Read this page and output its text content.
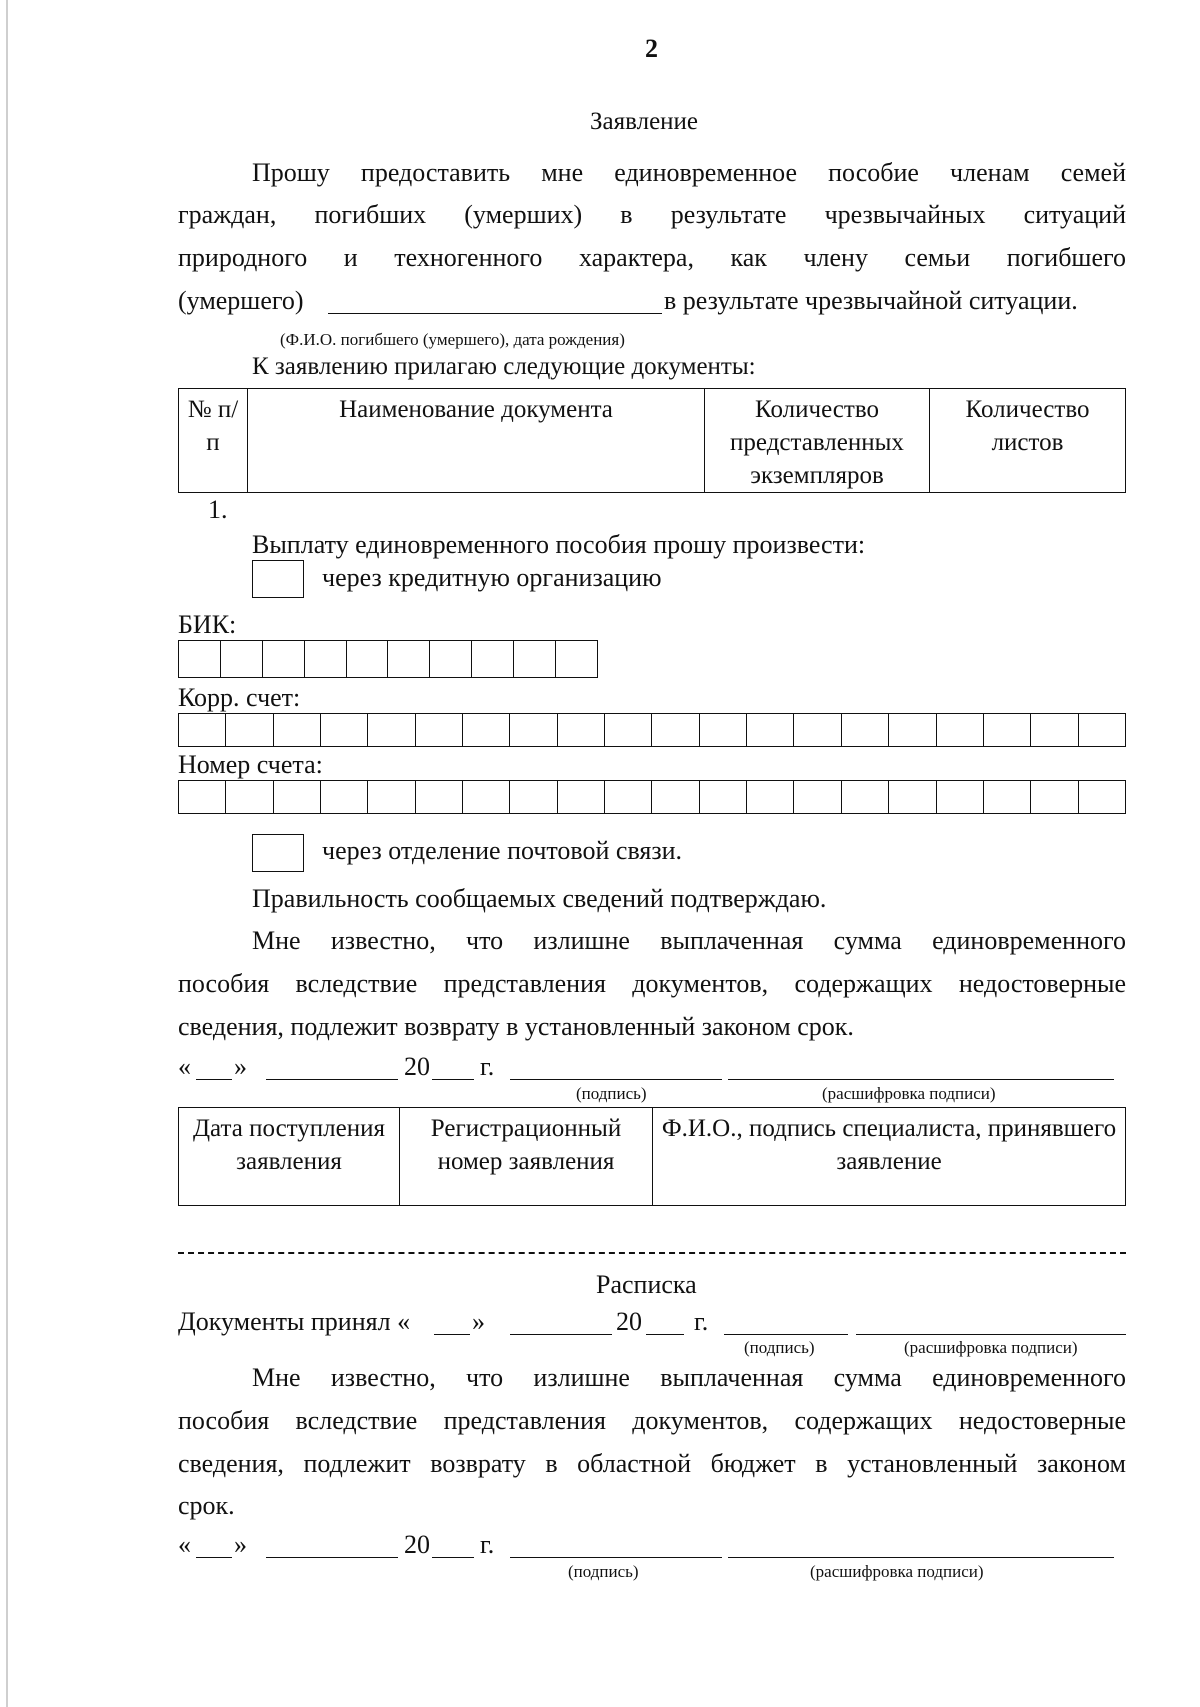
2
Заявление
Прошу предоставить мне единовременное пособие членам семей
граждан, погибших (умерших) в результате чрезвычайных ситуаций
природного и техногенного характера, как члену семьи погибшего
(умершего)	в результате чрезвычайной ситуации.
(Ф.И.О. погибшего (умершего), дата рождения)
К заявлению прилагаю следующие документы:
№ п/п	Наименование документа	Количество представленных экземпляров	Количество листов
1.
Выплату единовременного пособия прошу произвести:
через кредитную организацию
БИК:

Корр. счет:

Номер счета:

через отделение почтовой связи.
Правильность сообщаемых сведений подтверждаю.
Мне известно, что излишне выплаченная сумма единовременного
пособия вследствие представления документов, содержащих недостоверные
сведения, подлежит возврату в установленный законом срок.
« »	20 г.
(подпись)	(расшифровка подписи)
Дата поступления заявления	Регистрационный номер заявления	Ф.И.О., подпись специалиста, принявшего заявление
Расписка
Документы принял « »	20 г.
(подпись)	(расшифровка подписи)
Мне известно, что излишне выплаченная сумма единовременного
пособия вследствие представления документов, содержащих недостоверные
сведения, подлежит возврату в областной бюджет в установленный законом
срок.
« »	20 г.
(подпись)	(расшифровка подписи)
